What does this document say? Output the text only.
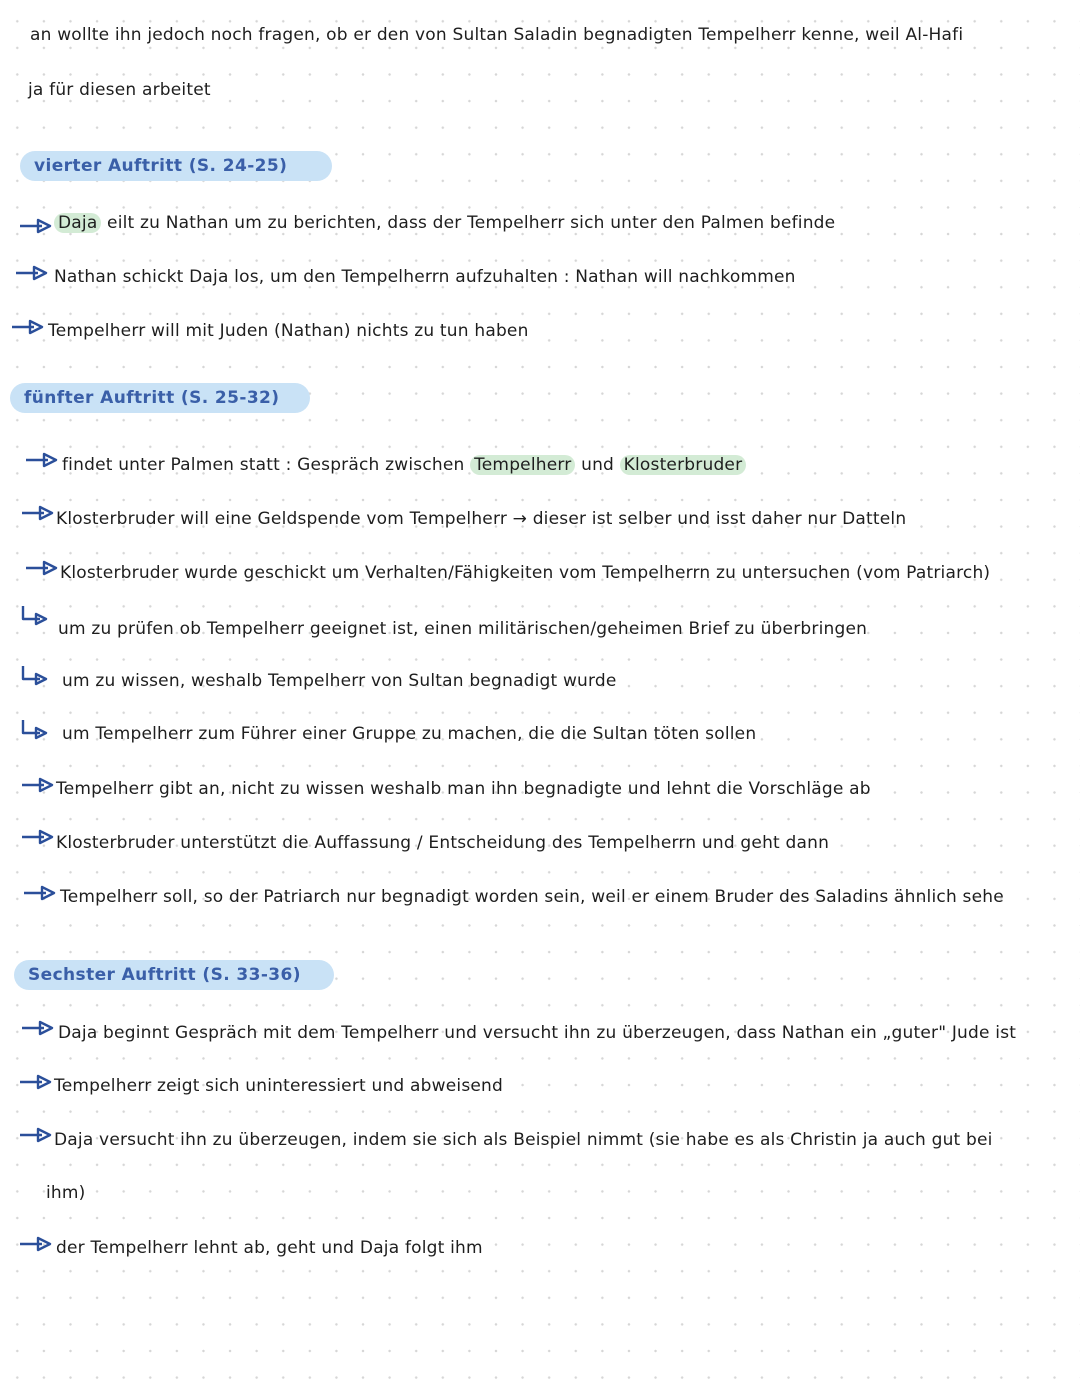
an wollte ihn jedoch noch fragen, ob er den von Sultan Saladin begnadigten Tempelherr kenne, weil Al-Hafi
ja für diesen arbeitet
vierter Auftritt (S. 24-25)
Daja eilt zu Nathan um zu berichten, dass der Tempelherr sich unter den Palmen befinde
Nathan schickt Daja los, um den Tempelherrn aufzuhalten : Nathan will nachkommen
Tempelherr will mit Juden (Nathan) nichts zu tun haben
fünfter Auftritt (S. 25-32)
findet unter Palmen statt : Gespräch zwischen Tempelherr und Klosterbruder
Klosterbruder will eine Geldspende vom Tempelherr → dieser ist selber und isst daher nur Datteln
Klosterbruder wurde geschickt um Verhalten/Fähigkeiten vom Tempelherrn zu untersuchen (vom Patriarch)
um zu prüfen ob Tempelherr geeignet ist, einen militärischen/geheimen Brief zu überbringen
um zu wissen, weshalb Tempelherr von Sultan begnadigt wurde
um Tempelherr zum Führer einer Gruppe zu machen, die die Sultan töten sollen
Tempelherr gibt an, nicht zu wissen weshalb man ihn begnadigte und lehnt die Vorschläge ab
Klosterbruder unterstützt die Auffassung / Entscheidung des Tempelherrn und geht dann
Tempelherr soll, so der Patriarch nur begnadigt worden sein, weil er einem Bruder des Saladins ähnlich sehe
Sechster Auftritt (S. 33-36)
Daja beginnt Gespräch mit dem Tempelherr und versucht ihn zu überzeugen, dass Nathan ein „guter" Jude ist
Tempelherr zeigt sich uninteressiert und abweisend
Daja versucht ihn zu überzeugen, indem sie sich als Beispiel nimmt (sie habe es als Christin ja auch gut bei
ihm)
der Tempelherr lehnt ab, geht und Daja folgt ihm
